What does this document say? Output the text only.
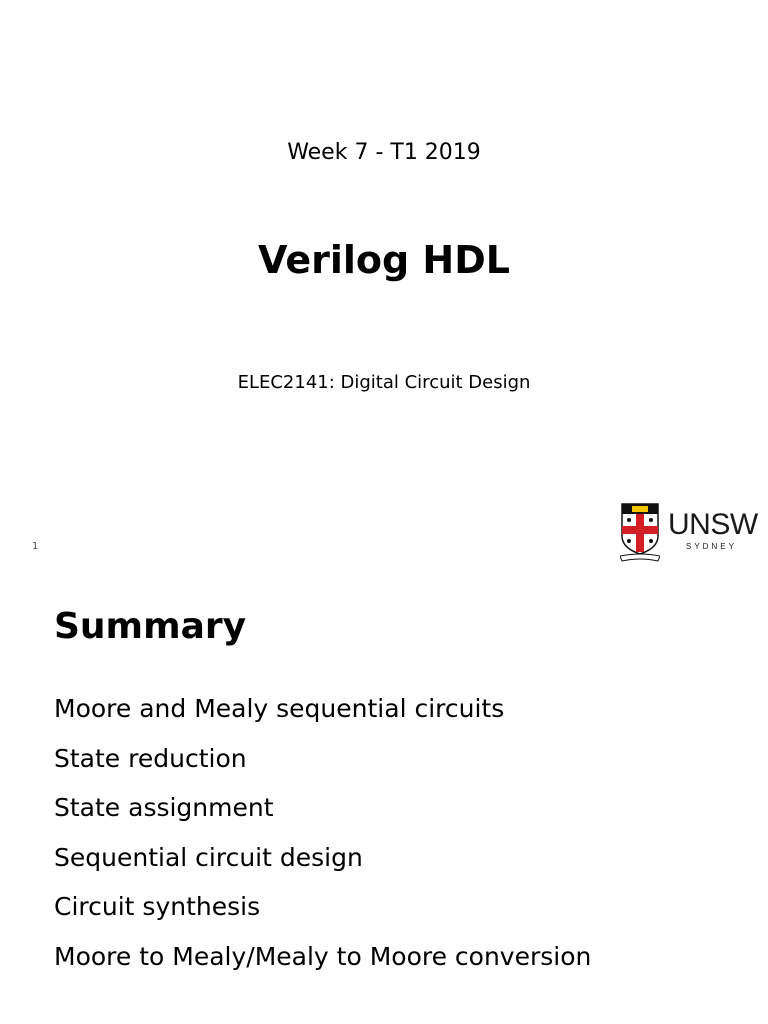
Week 7 - T1 2019
Verilog HDL
ELEC2141: Digital Circuit Design
1
UNSW
SYDNEY
Summary
Moore and Mealy sequential circuits
State reduction
State assignment
Sequential circuit design
Circuit synthesis
Moore to Mealy/Mealy to Moore conversion
